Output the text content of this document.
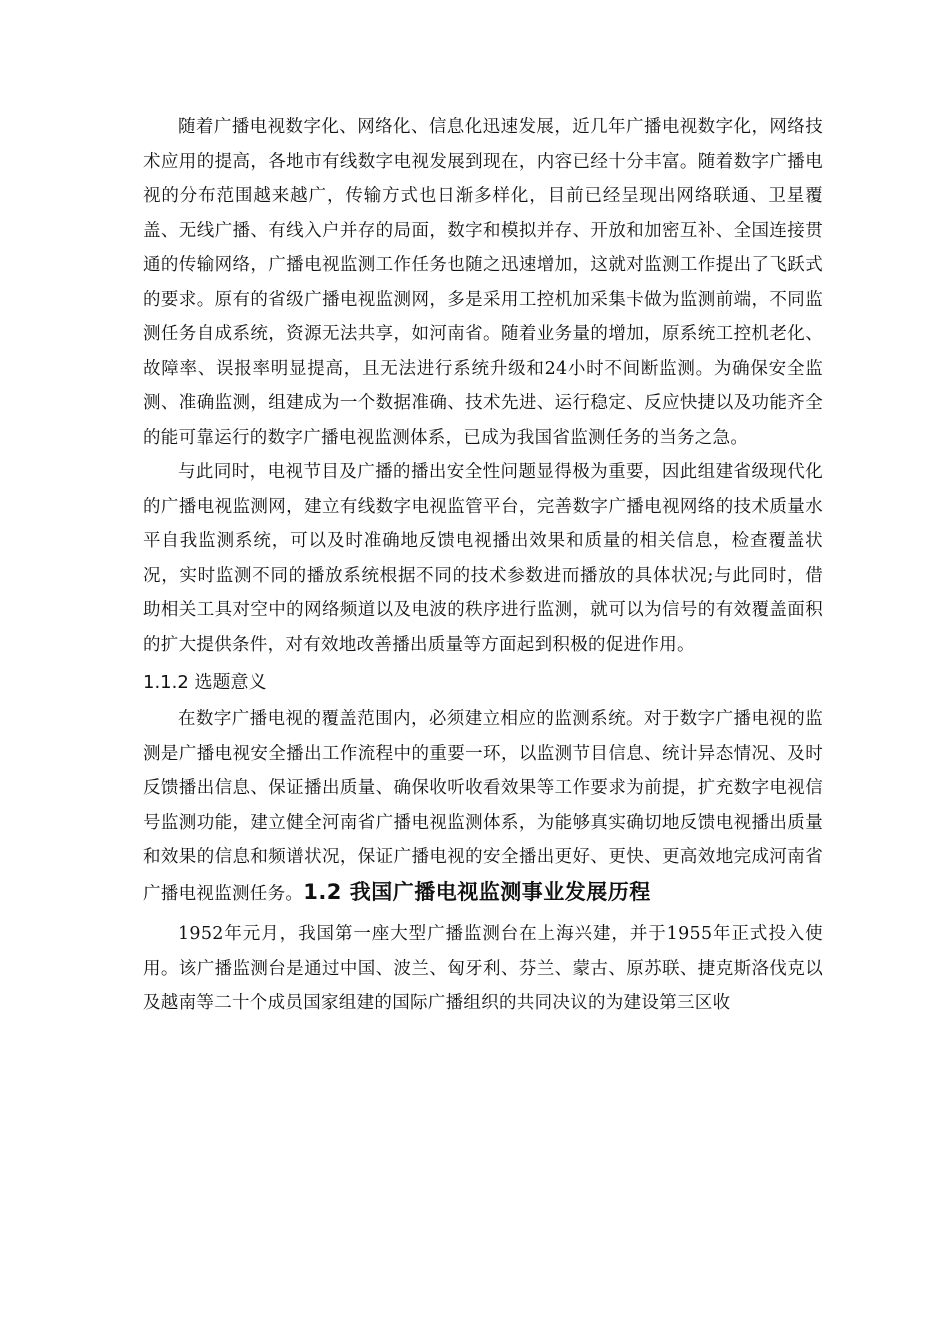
随着广播电视数字化、网络化、信息化迅速发展，近几年广播电视数字化，网络技术应用的提高，各地市有线数字电视发展到现在，内容已经十分丰富。随着数字广播电视的分布范围越来越广，传输方式也日渐多样化，目前已经呈现出网络联通、卫星覆盖、无线广播、有线入户并存的局面，数字和模拟并存、开放和加密互补、全国连接贯通的传输网络，广播电视监测工作任务也随之迅速增加，这就对监测工作提出了飞跃式的要求。原有的省级广播电视监测网，多是采用工控机加采集卡做为监测前端，不同监测任务自成系统，资源无法共享，如河南省。随着业务量的增加，原系统工控机老化、故障率、误报率明显提高，且无法进行系统升级和24小时不间断监测。为确保安全监测、准确监测，组建成为一个数据准确、技术先进、运行稳定、反应快捷以及功能齐全的能可靠运行的数字广播电视监测体系，已成为我国省监测任务的当务之急。

与此同时，电视节目及广播的播出安全性问题显得极为重要，因此组建省级现代化的广播电视监测网，建立有线数字电视监管平台，完善数字广播电视网络的技术质量水平自我监测系统，可以及时准确地反馈电视播出效果和质量的相关信息，检查覆盖状况，实时监测不同的播放系统根据不同的技术参数进而播放的具体状况;与此同时，借助相关工具对空中的网络频道以及电波的秩序进行监测，就可以为信号的有效覆盖面积的扩大提供条件，对有效地改善播出质量等方面起到积极的促进作用。

1.1.2 选题意义

在数字广播电视的覆盖范围内，必须建立相应的监测系统。对于数字广播电视的监测是广播电视安全播出工作流程中的重要一环，以监测节目信息、统计异态情况、及时反馈播出信息、保证播出质量、确保收听收看效果等工作要求为前提，扩充数字电视信号监测功能，建立健全河南省广播电视监测体系，为能够真实确切地反馈电视播出质量和效果的信息和频谱状况，保证广播电视的安全播出更好、更快、更高效地完成河南省广播电视监测任务。1.2 我国广播电视监测事业发展历程

1952年元月，我国第一座大型广播监测台在上海兴建，并于1955年正式投入使用。该广播监测台是通过中国、波兰、匈牙利、芬兰、蒙古、原苏联、捷克斯洛伐克以及越南等二十个成员国家组建的国际广播组织的共同决议的为建设第三区收
